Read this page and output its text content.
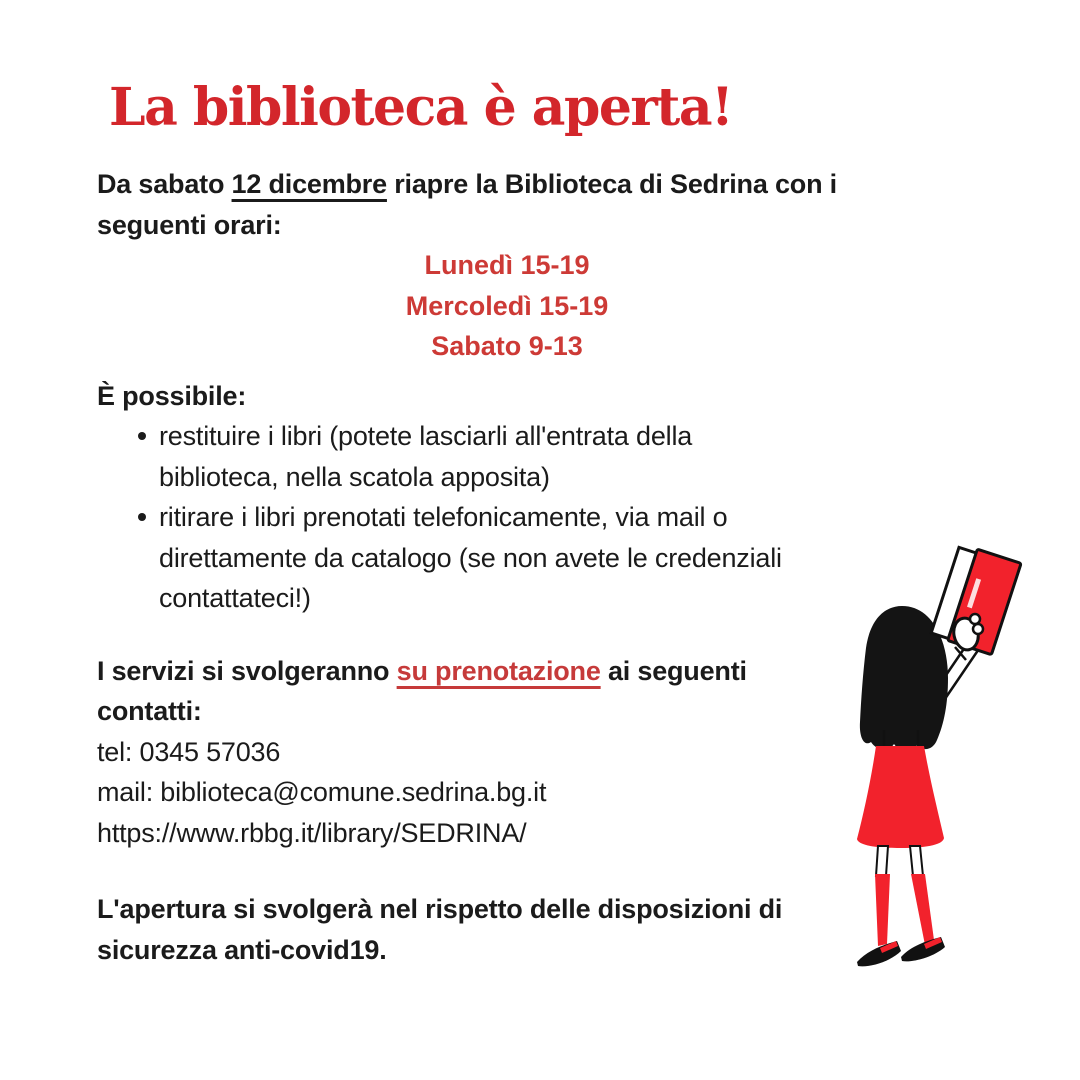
La biblioteca è aperta!

Da sabato 12 dicembre riapre la Biblioteca di Sedrina con i
seguenti orari:

Lunedì 15-19
Mercoledì 15-19
Sabato 9-13

È possibile:

restituire i libri (potete lasciarli all'entrata della
biblioteca, nella scatola apposita)
ritirare i libri prenotati telefonicamente, via mail o
direttamente da catalogo (se non avete le credenziali
contattateci!)

I servizi si svolgeranno su prenotazione ai seguenti
contatti:

tel: 0345 57036

mail: biblioteca@comune.sedrina.bg.it

https://www.rbbg.it/library/SEDRINA/

L'apertura si svolgerà nel rispetto delle disposizioni di
sicurezza anti-covid19.
